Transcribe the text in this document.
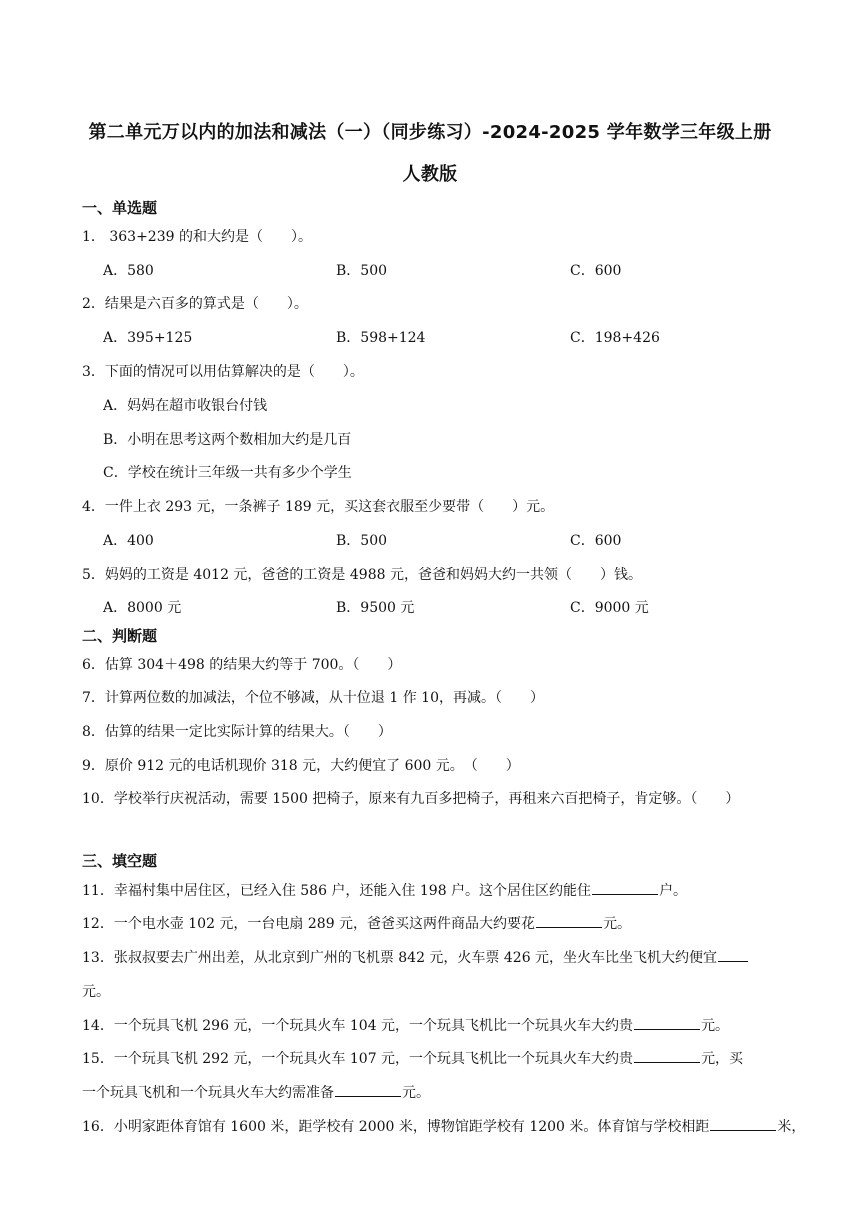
第二单元万以内的加法和减法（一）（同步练习）-2024-2025 学年数学三年级上册
人教版
一、单选题
1． 363+239 的和大约是（　　）。
A．580	B．500	C．600
2．结果是六百多的算式是（　　）。
A．395+125	B．598+124	C．198+426
3．下面的情况可以用估算解决的是（　　）。
A．妈妈在超市收银台付钱
B．小明在思考这两个数相加大约是几百
C．学校在统计三年级一共有多少个学生
4．一件上衣 293 元，一条裤子 189 元，买这套衣服至少要带（　　）元。
A．400	B．500	C．600
5．妈妈的工资是 4012 元，爸爸的工资是 4988 元，爸爸和妈妈大约一共领（　　）钱。
A．8000 元	B．9500 元	C．9000 元
二、判断题
6．估算 304＋498 的结果大约等于 700。（　　）
7．计算两位数的加减法，个位不够减，从十位退 1 作 10，再减。（　　）
8．估算的结果一定比实际计算的结果大。（　　）
9．原价 912 元的电话机现价 318 元，大约便宜了 600 元。　（　　）
10．学校举行庆祝活动，需要 1500 把椅子，原来有九百多把椅子，再租来六百把椅子，肯定够。（　　）
三、填空题
11．幸福村集中居住区，已经入住 586 户，还能入住 198 户。这个居住区约能住	户。
12．一个电水壶 102 元，一台电扇 289 元，爸爸买这两件商品大约要花	元。
13．张叔叔要去广州出差，从北京到广州的飞机票 842 元，火车票 426 元，坐火车比坐飞机大约便宜
元。
14．一个玩具飞机 296 元，一个玩具火车 104 元，一个玩具飞机比一个玩具火车大约贵	元。
15．一个玩具飞机 292 元，一个玩具火车 107 元，一个玩具飞机比一个玩具火车大约贵	元，买
一个玩具飞机和一个玩具火车大约需准备	元。
16．小明家距体育馆有 1600 米，距学校有 2000 米，博物馆距学校有 1200 米。体育馆与学校相距	米，
